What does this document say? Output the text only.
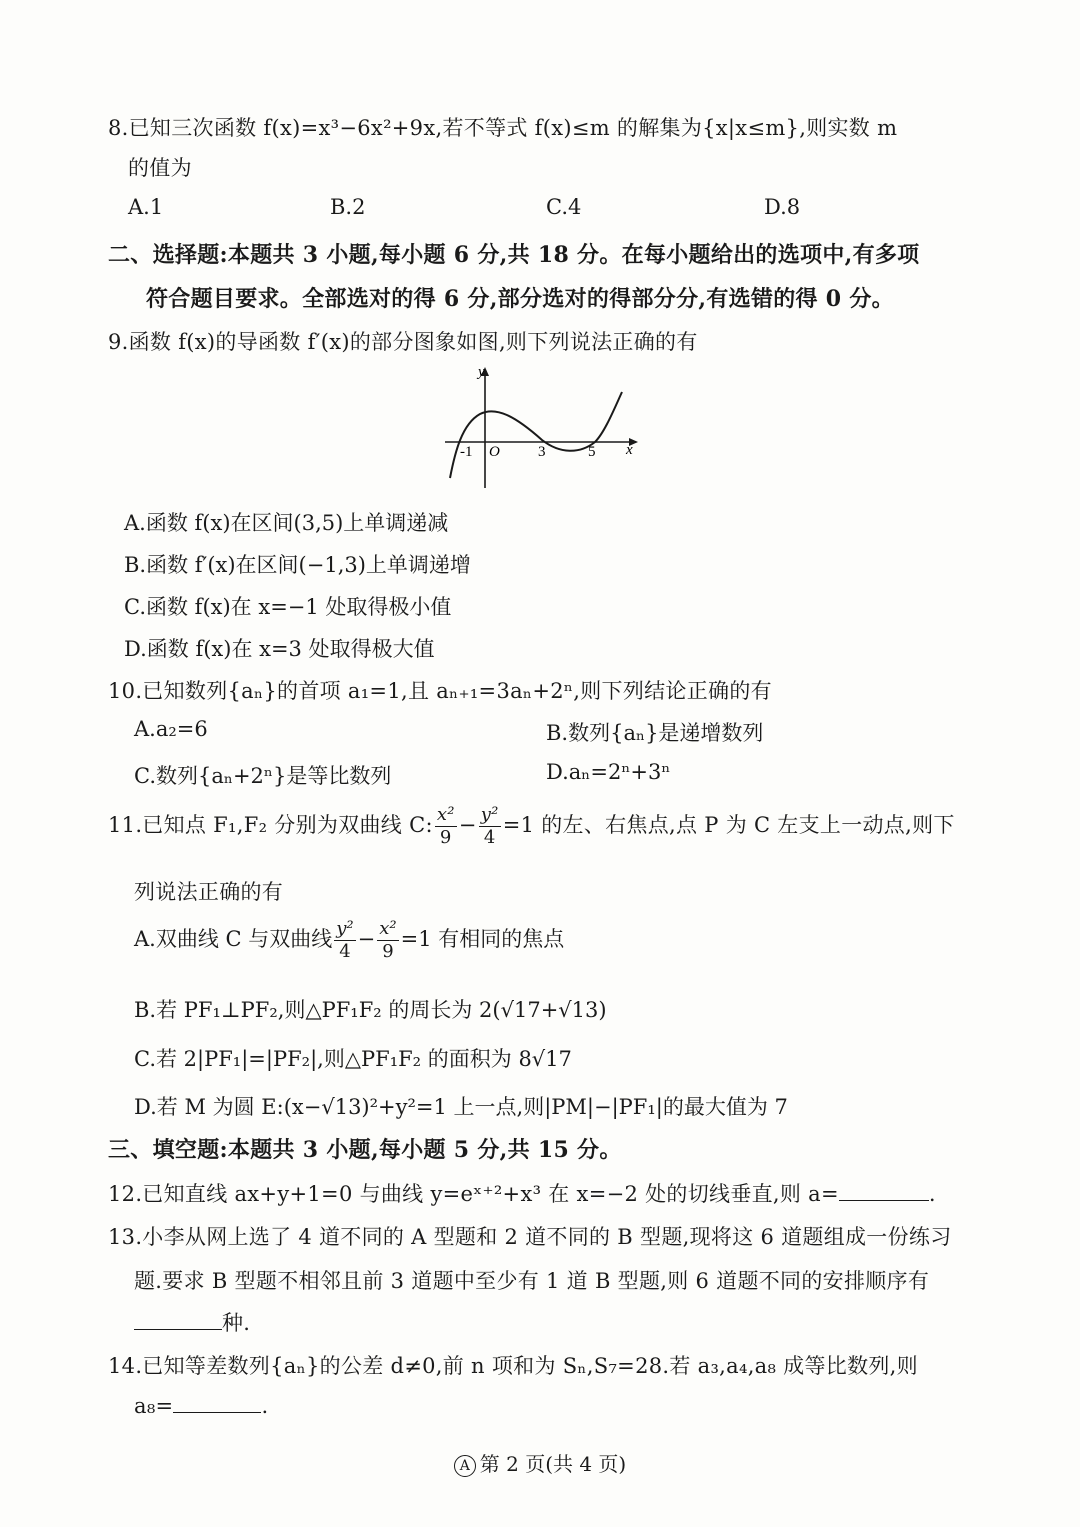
8.已知三次函数 f(x)=x³−6x²+9x,若不等式 f(x)≤m 的解集为{x|x≤m},则实数 m
的值为
A.1	B.2	C.4	D.8
二、选择题:本题共 3 小题,每小题 6 分,共 18 分。在每小题给出的选项中,有多项
符合题目要求。全部选对的得 6 分,部分选对的得部分分,有选错的得 0 分。
9.函数 f(x)的导函数 f′(x)的部分图象如图,则下列说法正确的有
y
x
O
-1	3	5
A.函数 f(x)在区间(3,5)上单调递减
B.函数 f′(x)在区间(−1,3)上单调递增
C.函数 f(x)在 x=−1 处取得极小值
D.函数 f(x)在 x=3 处取得极大值
10.已知数列{aₙ}的首项 a₁=1,且 aₙ₊₁=3aₙ+2ⁿ,则下列结论正确的有
A.a₂=6	B.数列{aₙ}是递增数列
C.数列{aₙ+2ⁿ}是等比数列	D.aₙ=2ⁿ+3ⁿ
11.已知点 F₁,F₂ 分别为双曲线 C: $\frac{\text{x²}}{9} - \frac{\text{y²}}{4} =1$ 的左、右焦点,点 P 为 C 左支上一动点,则下
列说法正确的有
A.双曲线 C 与双曲线 $\frac{\text{y²}}{4} - \frac{\text{x²}}{9} =1$ 有相同的焦点
B.若 PF₁⊥PF₂,则△PF₁F₂ 的周长为 2(√17+√13)
C.若 2|PF₁|=|PF₂|,则△PF₁F₂ 的面积为 8√17
D.若 M 为圆 E:(x−√13)²+y²=1 上一点,则|PM|−|PF₁|的最大值为 7
三、填空题:本题共 3 小题,每小题 5 分,共 15 分。
12.已知直线 ax+y+1=0 与曲线 y=eˣ⁺²+x³ 在 x=−2 处的切线垂直,则 a=	.
13.小李从网上选了 4 道不同的 A 型题和 2 道不同的 B 型题,现将这 6 道题组成一份练习
题.要求 B 型题不相邻且前 3 道题中至少有 1 道 B 型题,则 6 道题不同的安排顺序有
种.
14.已知等差数列{aₙ}的公差 d≠0,前 n 项和为 Sₙ,S₇=28.若 a₃,a₄,a₈ 成等比数列,则
a₈=	.
A 第 2 页(共 4 页)
